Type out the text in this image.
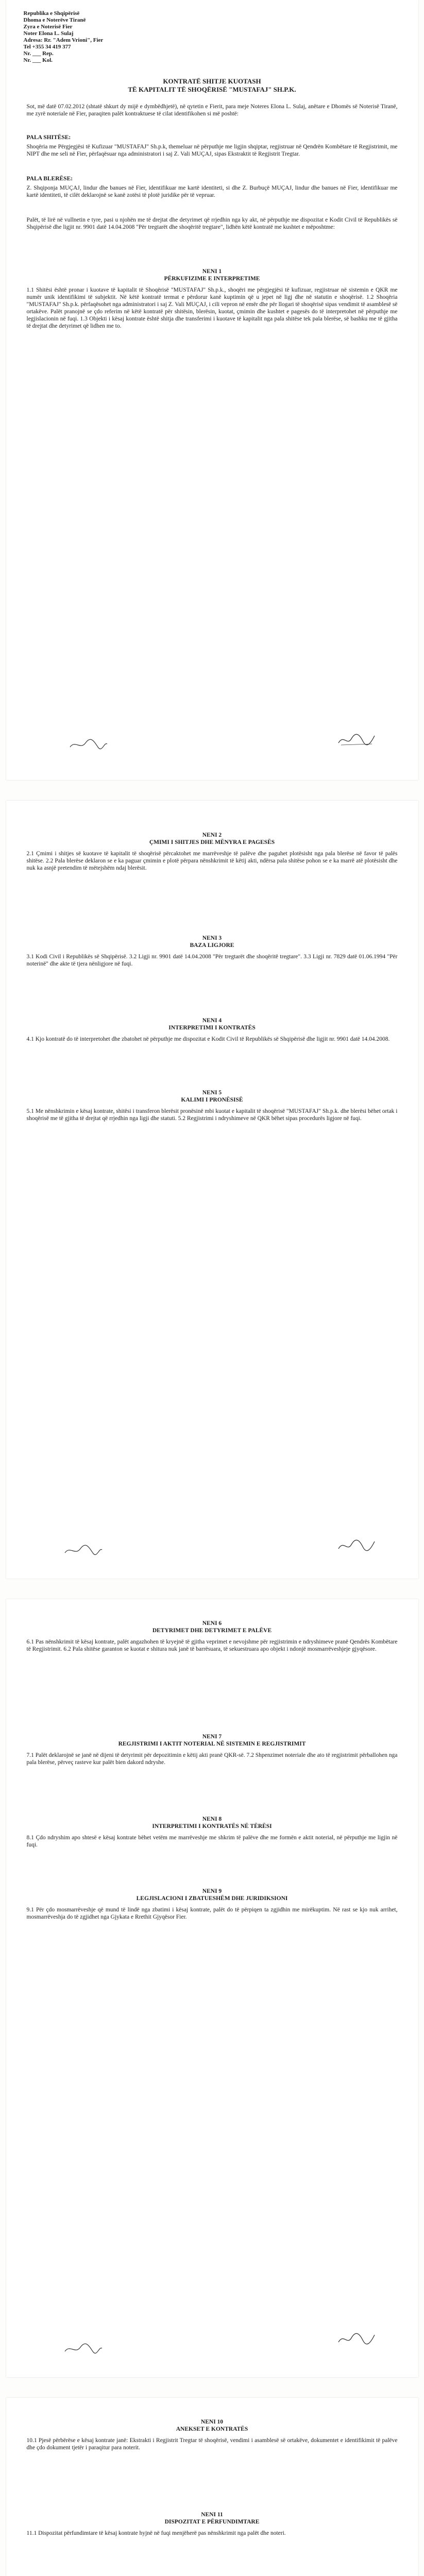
Republika e Shqipërisë
Dhoma e Noterëve Tiranë
Zyra e Noterisë Fier
Noter Elona L. Sulaj
Adresa: Rr. "Adem Vrioni", Fier
Tel +355 34 419 377
Nr. ___ Rep.
Nr. ___ Kol.
KONTRATË SHITJE KUOTASH
TË KAPITALIT TË SHOQËRISË "MUSTAFAJ" SH.P.K.
Sot, më datë 07.02.2012 (shtatë shkurt dy mijë e dymbëdhjetë), në qytetin e Fierit, para meje Noteres Elona L. Sulaj, anëtare e Dhomës së Noterisë Tiranë, me zyrë noteriale në Fier, paraqiten palët kontraktuese të cilat identifikohen si më poshtë:
PALA SHITËSE:
Shoqëria me Përgjegjësi të Kufizuar "MUSTAFAJ" Sh.p.k, themeluar në përputhje me ligjin shqiptar, regjistruar në Qendrën Kombëtare të Regjistrimit, me NIPT dhe me seli në Fier, përfaqësuar nga administratori i saj Z. Vali MUÇAJ, sipas Ekstraktit të Regjistrit Tregtar.
PALA BLERËSE:
Z. Shqiponja MUÇAJ, lindur dhe banues në Fier, identifikuar me kartë identiteti, si dhe Z. Burbuçë MUÇAJ, lindur dhe banues në Fier, identifikuar me kartë identiteti, të cilët deklarojnë se kanë zotësi të plotë juridike për të vepruar.
Palët, të lirë në vullnetin e tyre, pasi u njohën me të drejtat dhe detyrimet që rrjedhin nga ky akt, në përputhje me dispozitat e Kodit Civil të Republikës së Shqipërisë dhe ligjit nr. 9901 datë 14.04.2008 "Për tregtarët dhe shoqëritë tregtare", lidhën këtë kontratë me kushtet e mëposhtme:
NENI 1
PËRKUFIZIME E INTERPRETIME
1.1 Shitësi është pronar i kuotave të kapitalit të Shoqërisë "MUSTAFAJ" Sh.p.k., shoqëri me përgjegjësi të kufizuar, regjistruar në sistemin e QKR me numër unik identifikimi të subjektit. Në këtë kontratë termat e përdorur kanë kuptimin që u jepet në ligj dhe në statutin e shoqërisë. 1.2 Shoqëria "MUSTAFAJ" Sh.p.k. përfaqësohet nga administratori i saj Z. Vali MUÇAJ, i cili vepron në emër dhe për llogari të shoqërisë sipas vendimit të asamblesë së ortakëve. Palët pranojnë se çdo referim në këtë kontratë për shitësin, blerësin, kuotat, çmimin dhe kushtet e pagesës do të interpretohet në përputhje me legjislacionin në fuqi. 1.3 Objekti i kësaj kontrate është shitja dhe transferimi i kuotave të kapitalit nga pala shitëse tek pala blerëse, së bashku me të gjitha të drejtat dhe detyrimet që lidhen me to.
NENI 2
ÇMIMI I SHITJES DHE MËNYRA E PAGESËS
2.1 Çmimi i shitjes së kuotave të kapitalit të shoqërisë përcaktohet me marrëveshje të palëve dhe paguhet plotësisht nga pala blerëse në favor të palës shitëse. 2.2 Pala blerëse deklaron se e ka paguar çmimin e plotë përpara nënshkrimit të këtij akti, ndërsa pala shitëse pohon se e ka marrë atë plotësisht dhe nuk ka asnjë pretendim të mëtejshëm ndaj blerësit.
NENI 3
BAZA LIGJORE
3.1 Kodi Civil i Republikës së Shqipërisë. 3.2 Ligji nr. 9901 datë 14.04.2008 "Për tregtarët dhe shoqëritë tregtare". 3.3 Ligji nr. 7829 datë 01.06.1994 "Për noterinë" dhe akte të tjera nënligjore në fuqi.
NENI 4
INTERPRETIMI I KONTRATËS
4.1 Kjo kontratë do të interpretohet dhe zbatohet në përputhje me dispozitat e Kodit Civil të Republikës së Shqipërisë dhe ligjit nr. 9901 datë 14.04.2008.
NENI 5
KALIMI I PRONËSISË
5.1 Me nënshkrimin e kësaj kontrate, shitësi i transferon blerësit pronësinë mbi kuotat e kapitalit të shoqërisë "MUSTAFAJ" Sh.p.k. dhe blerësi bëhet ortak i shoqërisë me të gjitha të drejtat që rrjedhin nga ligji dhe statuti. 5.2 Regjistrimi i ndryshimeve në QKR bëhet sipas procedurës ligjore në fuqi.
NENI 6
DETYRIMET DHE DETYRIMET E PALËVE
6.1 Pas nënshkrimit të kësaj kontrate, palët angazhohen të kryejnë të gjitha veprimet e nevojshme për regjistrimin e ndryshimeve pranë Qendrës Kombëtare të Regjistrimit. 6.2 Pala shitëse garanton se kuotat e shitura nuk janë të barrësuara, të sekuestruara apo objekt i ndonjë mosmarrëveshjeje gjyqësore.
NENI 7
REGJISTRIMI I AKTIT NOTERIAL NË SISTEMIN E REGJISTRIMIT
7.1 Palët deklarojnë se janë në dijeni të detyrimit për depozitimin e këtij akti pranë QKR-së. 7.2 Shpenzimet noteriale dhe ato të regjistrimit përballohen nga pala blerëse, përveç rasteve kur palët bien dakord ndryshe.
NENI 8
INTERPRETIMI I KONTRATËS NË TËRËSI
8.1 Çdo ndryshim apo shtesë e kësaj kontrate bëhet vetëm me marrëveshje me shkrim të palëve dhe me formën e aktit noterial, në përputhje me ligjin në fuqi.
NENI 9
LEGJISLACIONI I ZBATUESHËM DHE JURIDIKSIONI
9.1 Për çdo mosmarrëveshje që mund të lindë nga zbatimi i kësaj kontrate, palët do të përpiqen ta zgjidhin me mirëkuptim. Në rast se kjo nuk arrihet, mosmarrëveshja do të zgjidhet nga Gjykata e Rrethit Gjyqësor Fier.
NENI 10
ANEKSET E KONTRATËS
10.1 Pjesë përbërëse e kësaj kontrate janë: Ekstrakti i Regjistrit Tregtar të shoqërisë, vendimi i asamblesë së ortakëve, dokumentet e identifikimit të palëve dhe çdo dokument tjetër i paraqitur para noterit.
NENI 11
DISPOZITAT E PËRFUNDIMTARE
11.1 Dispozitat përfundimtare të kësaj kontrate hyjnë në fuqi menjëherë pas nënshkrimit nga palët dhe noteri.
